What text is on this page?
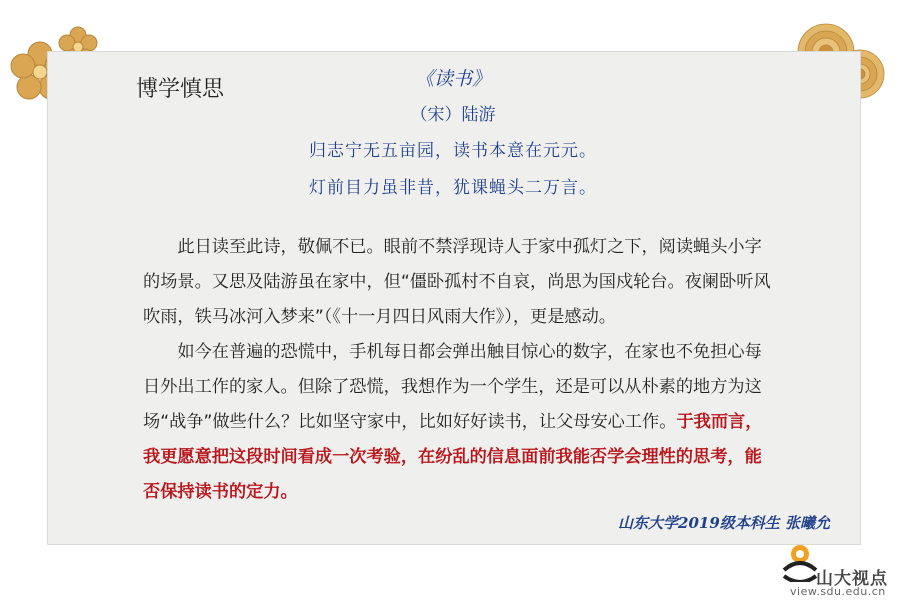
博学慎思	《读书》
（宋）陆游
归志宁无五亩园，读书本意在元元。
灯前目力虽非昔，犹课蝇头二万言。

此日读至此诗，敬佩不已。眼前不禁浮现诗人于家中孤灯之下，阅读蝇头小字的场景。又思及陆游虽在家中，但“僵卧孤村不自哀，尚思为国戍轮台。夜阑卧听风吹雨，铁马冰河入梦来”（《十一月四日风雨大作》），更是感动。

如今在普遍的恐慌中，手机每日都会弹出触目惊心的数字，在家也不免担心每日外出工作的家人。但除了恐慌，我想作为一个学生，还是可以从朴素的地方为这场“战争”做些什么？比如坚守家中，比如好好读书，让父母安心工作。于我而言，我更愿意把这段时间看成一次考验，在纷乱的信息面前我能否学会理性的思考，能否保持读书的定力。

山东大学2019级本科生 张曦允
山大视点
view.sdu.edu.cn
